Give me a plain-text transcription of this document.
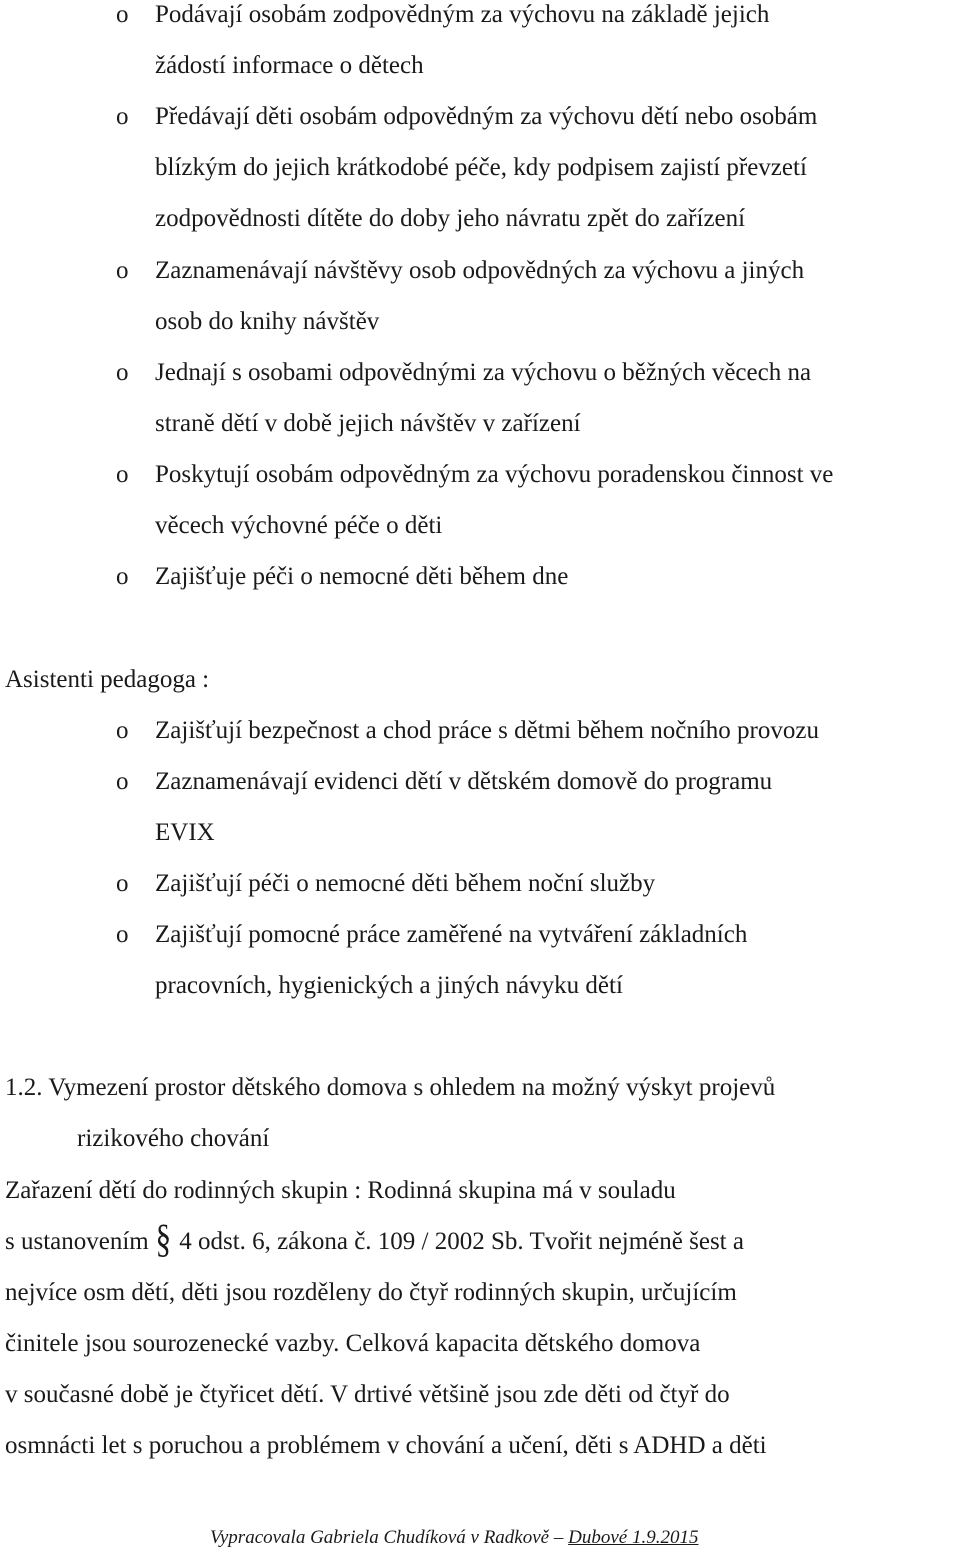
o Podávají osobám zodpovědným za výchovu na základě jejich
žádostí informace o dětech
o Předávají děti osobám odpovědným za výchovu dětí nebo osobám
blízkým do jejich krátkodobé péče, kdy podpisem zajistí převzetí
zodpovědnosti dítěte do doby jeho návratu zpět do zařízení
o Zaznamenávají návštěvy osob odpovědných za výchovu a jiných
osob do knihy návštěv
o Jednají s osobami odpovědnými za výchovu o běžných věcech na
straně dětí v době jejich návštěv v zařízení
o Poskytují osobám odpovědným za výchovu poradenskou činnost ve
věcech výchovné péče o děti
o Zajišťuje péči o nemocné děti během dne
Asistenti pedagoga :
o Zajišťují bezpečnost a chod práce s dětmi během nočního provozu
o Zaznamenávají evidenci dětí v dětském domově do programu
EVIX
o Zajišťují péči o nemocné děti během noční služby
o Zajišťují pomocné práce zaměřené na vytváření základních
pracovních, hygienických a jiných návyku dětí
1.2. Vymezení prostor dětského domova s ohledem na možný výskyt projevů
rizikového chování
Zařazení dětí do rodinných skupin : Rodinná skupina má v souladu
s ustanovením § 4 odst. 6, zákona č. 109 / 2002 Sb. Tvořit nejméně šest a
nejvíce osm dětí, děti jsou rozděleny do čtyř rodinných skupin, určujícím
činitele jsou sourozenecké vazby. Celková kapacita dětského domova
v současné době je čtyřicet dětí. V drtivé většině jsou zde děti od čtyř do
osmnácti let s poruchou a problémem v chování a učení, děti s ADHD a děti
Vypracovala Gabriela Chudíková v Radkově – Dubové 1.9.2015
